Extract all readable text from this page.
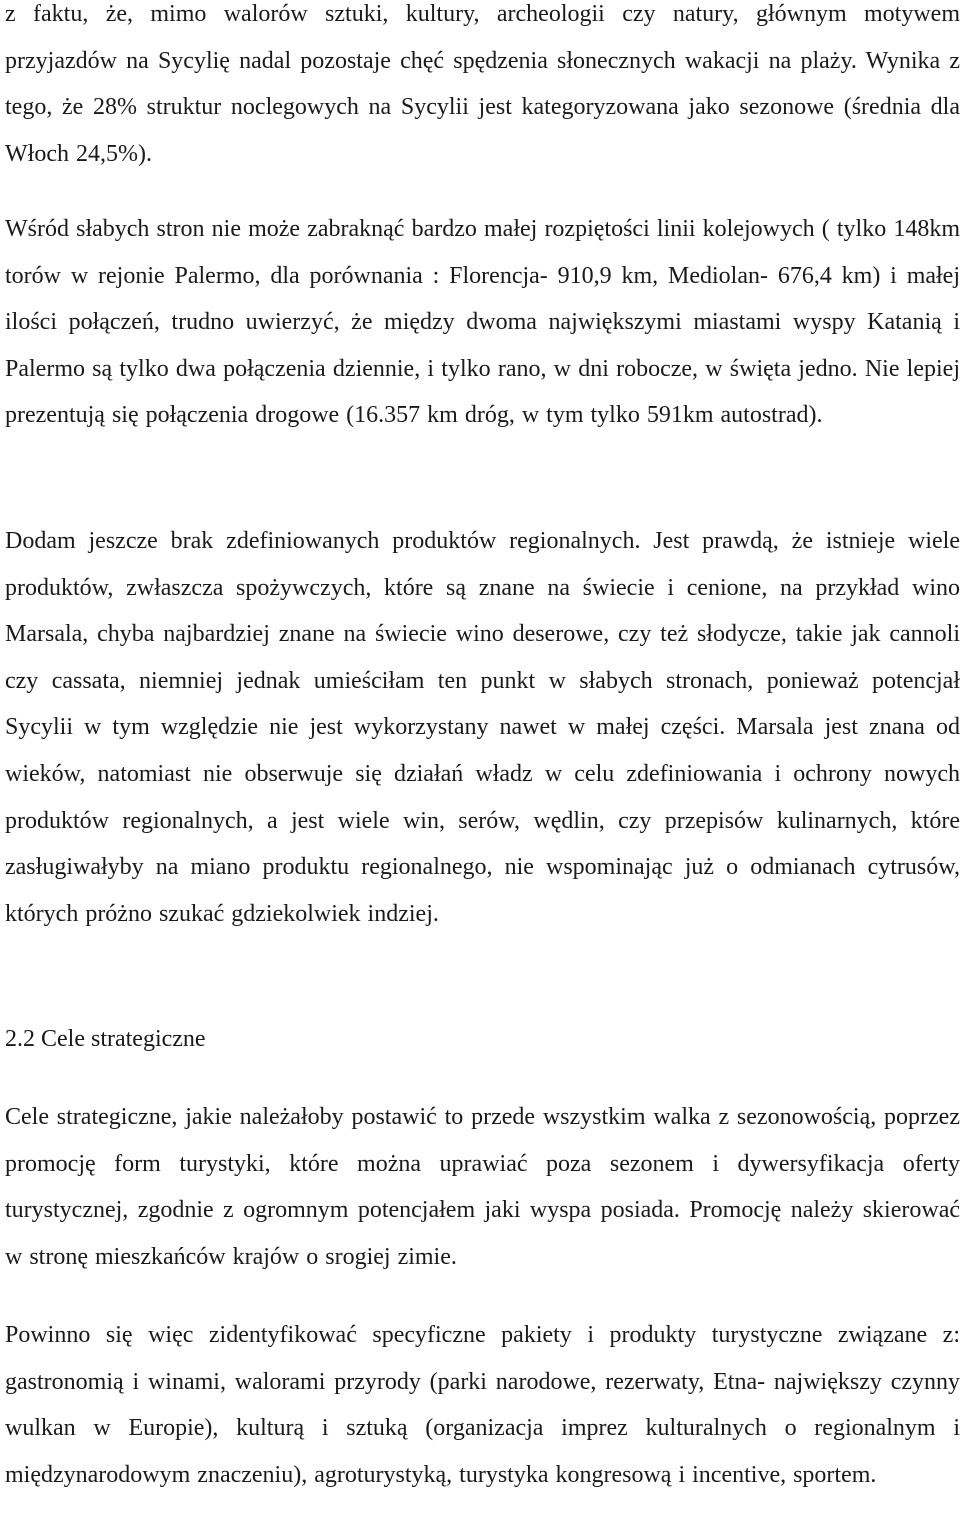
z faktu, że, mimo walorów sztuki, kultury, archeologii czy natury, głównym motywem przyjazdów na Sycylię nadal pozostaje chęć spędzenia słonecznych wakacji na plaży. Wynika z tego, że 28% struktur noclegowych na Sycylii jest kategoryzowana jako sezonowe (średnia dla Włoch 24,5%).

Wśród słabych stron nie może zabraknąć bardzo małej rozpiętości linii kolejowych ( tylko 148km torów w rejonie Palermo, dla porównania : Florencja- 910,9 km, Mediolan- 676,4 km) i małej ilości połączeń, trudno uwierzyć, że między dwoma największymi miastami wyspy Katanią i Palermo są tylko dwa połączenia dziennie, i tylko rano, w dni robocze, w święta jedno. Nie lepiej prezentują się połączenia drogowe (16.357 km dróg, w tym tylko 591km autostrad).

Dodam jeszcze brak zdefiniowanych produktów regionalnych. Jest prawdą, że istnieje wiele produktów, zwłaszcza spożywczych, które są znane na świecie i cenione, na przykład wino Marsala, chyba najbardziej znane na świecie wino deserowe, czy też słodycze, takie jak cannoli czy cassata, niemniej jednak umieściłam ten punkt w słabych stronach, ponieważ potencjał Sycylii w tym względzie nie jest wykorzystany nawet w małej części. Marsala jest znana od wieków, natomiast nie obserwuje się działań władz w celu zdefiniowania i ochrony nowych produktów regionalnych, a jest wiele win, serów, wędlin, czy przepisów kulinarnych, które zasługiwałyby na miano produktu regionalnego, nie wspominając już o odmianach cytrusów, których próżno szukać gdziekolwiek indziej.

2.2 Cele strategiczne

Cele strategiczne, jakie należałoby postawić to przede wszystkim walka z sezonowością, poprzez promocję form turystyki, które można uprawiać poza sezonem i dywersyfikacja oferty turystycznej, zgodnie z ogromnym potencjałem jaki wyspa posiada. Promocję należy skierować w stronę mieszkańców krajów o srogiej zimie.

Powinno się więc zidentyfikować specyficzne pakiety i produkty turystyczne związane z: gastronomią i winami, walorami przyrody (parki narodowe, rezerwaty, Etna- największy czynny wulkan w Europie), kulturą i sztuką (organizacja imprez kulturalnych o regionalnym i międzynarodowym znaczeniu), agroturystyką, turystyka kongresową i incentive, sportem.
